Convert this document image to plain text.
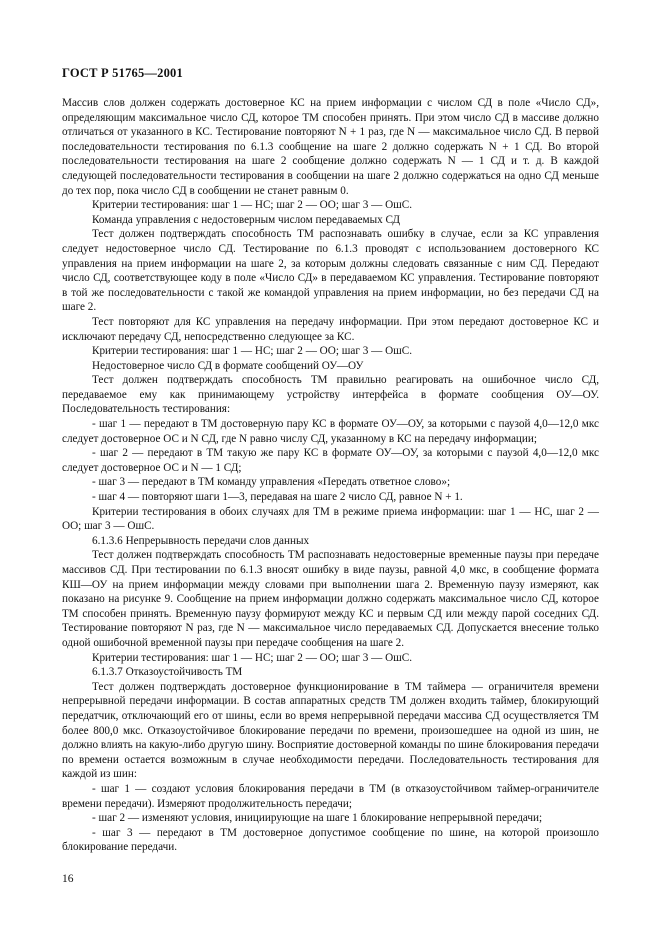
ГОСТ Р 51765—2001

Массив слов должен содержать достоверное КС на прием информации с числом СД в поле «Число СД», определяющим максимальное число СД, которое ТМ способен принять. При этом число СД в массиве должно отличаться от указанного в КС. Тестирование повторяют N + 1 раз, где N — максимальное число СД. В первой последовательности тестирования по 6.1.3 сообщение на шаге 2 должно содержать N + 1 СД. Во второй последовательности тестирования на шаге 2 сообщение должно содержать N — 1 СД и т. д. В каждой следующей последовательности тестирования в сообщении на шаге 2 должно содержаться на одно СД меньше до тех пор, пока число СД в сообщении не станет равным 0.

Критерии тестирования: шаг 1 — НС; шаг 2 — ОО; шаг 3 — ОшС.

Команда управления с недостоверным числом передаваемых СД

Тест должен подтверждать способность ТМ распознавать ошибку в случае, если за КС управления следует недостоверное число СД. Тестирование по 6.1.3 проводят с использованием достоверного КС управления на прием информации на шаге 2, за которым должны следовать связанные с ним СД. Передают число СД, соответствующее коду в поле «Число СД» в передаваемом КС управления. Тестирование повторяют в той же последовательности с такой же командой управления на прием информации, но без передачи СД на шаге 2.

Тест повторяют для КС управления на передачу информации. При этом передают достоверное КС и исключают передачу СД, непосредственно следующее за КС.

Критерии тестирования: шаг 1 — НС; шаг 2 — ОО; шаг 3 — ОшС.

Недостоверное число СД в формате сообщений ОУ—ОУ

Тест должен подтверждать способность ТМ правильно реагировать на ошибочное число СД, передаваемое ему как принимающему устройству интерфейса в формате сообщения ОУ—ОУ. Последовательность тестирования:

- шаг 1 — передают в ТМ достоверную пару КС в формате ОУ—ОУ, за которыми с паузой 4,0—12,0 мкс следует достоверное ОС и N СД, где N равно числу СД, указанному в КС на передачу информации;

- шаг 2 — передают в ТМ такую же пару КС в формате ОУ—ОУ, за которыми с паузой 4,0—12,0 мкс следует достоверное ОС и N — 1 СД;

- шаг 3 — передают в ТМ команду управления «Передать ответное слово»;

- шаг 4 — повторяют шаги 1—3, передавая на шаге 2 число СД, равное N + 1.

Критерии тестирования в обоих случаях для ТМ в режиме приема информации: шаг 1 — НС, шаг 2 — ОО; шаг 3 — ОшС.

6.1.3.6 Непрерывность передачи слов данных

Тест должен подтверждать способность ТМ распознавать недостоверные временные паузы при передаче массивов СД. При тестировании по 6.1.3 вносят ошибку в виде паузы, равной 4,0 мкс, в сообщение формата КШ—ОУ на прием информации между словами при выполнении шага 2. Временную паузу измеряют, как показано на рисунке 9. Сообщение на прием информации должно содержать максимальное число СД, которое ТМ способен принять. Временную паузу формируют между КС и первым СД или между парой соседних СД. Тестирование повторяют N раз, где N — максимальное число передаваемых СД. Допускается внесение только одной ошибочной временной паузы при передаче сообщения на шаге 2.

Критерии тестирования: шаг 1 — НС; шаг 2 — ОО; шаг 3 — ОшС.

6.1.3.7 Отказоустойчивость ТМ

Тест должен подтверждать достоверное функционирование в ТМ таймера — ограничителя времени непрерывной передачи информации. В состав аппаратных средств ТМ должен входить таймер, блокирующий передатчик, отключающий его от шины, если во время непрерывной передачи массива СД осуществляется ТМ более 800,0 мкс. Отказоустойчивое блокирование передачи по времени, произошедшее на одной из шин, не должно влиять на какую-либо другую шину. Восприятие достоверной команды по шине блокирования передачи по времени остается возможным в случае необходимости передачи. Последовательность тестирования для каждой из шин:

- шаг 1 — создают условия блокирования передачи в ТМ (в отказоустойчивом таймер-ограничителе времени передачи). Измеряют продолжительность передачи;

- шаг 2 — изменяют условия, инициирующие на шаге 1 блокирование непрерывной передачи;

- шаг 3 — передают в ТМ достоверное допустимое сообщение по шине, на которой произошло блокирование передачи.

16
